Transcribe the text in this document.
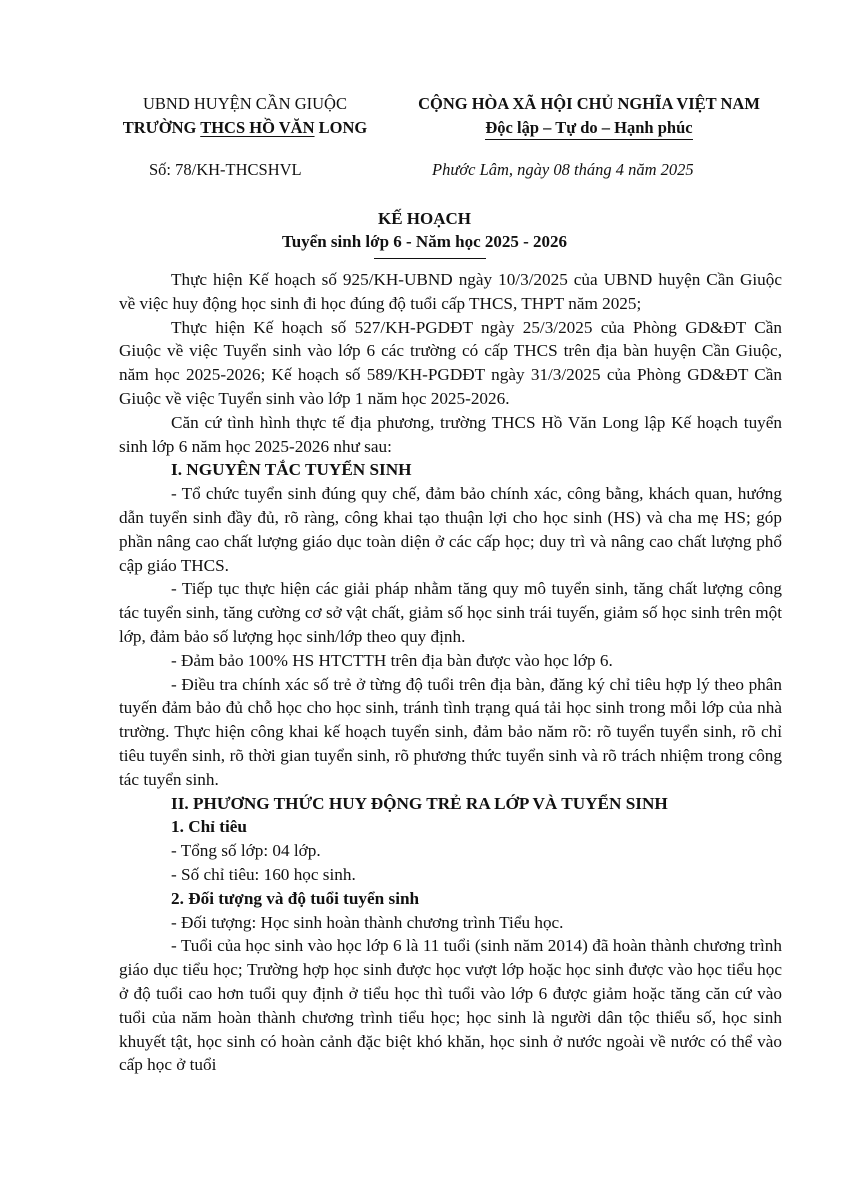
UBND HUYỆN CẦN GIUỘC
TRƯỜNG THCS HỒ VĂN LONG
CỘNG HÒA XÃ HỘI CHỦ NGHĨA VIỆT NAM
Độc lập – Tự do – Hạnh phúc
Số: 78/KH-THCSHVL	Phước Lâm, ngày 08 tháng 4 năm 2025
KẾ HOẠCH
Tuyển sinh lớp 6 - Năm học 2025 - 2026

Thực hiện Kế hoạch số 925/KH-UBND ngày 10/3/2025 của UBND huyện Cần Giuộc về việc huy động học sinh đi học đúng độ tuổi cấp THCS, THPT năm 2025;

Thực hiện Kế hoạch số 527/KH-PGDĐT ngày 25/3/2025 của Phòng GD&ĐT Cần Giuộc về việc Tuyển sinh vào lớp 6 các trường có cấp THCS trên địa bàn huyện Cần Giuộc, năm học 2025-2026; Kế hoạch số 589/KH-PGDĐT ngày 31/3/2025 của Phòng GD&ĐT Cần Giuộc về việc Tuyển sinh vào lớp 1 năm học 2025-2026.

Căn cứ tình hình thực tế địa phương, trường THCS Hồ Văn Long lập Kế hoạch tuyển sinh lớp 6 năm học 2025-2026 như sau:

I. NGUYÊN TẮC TUYỂN SINH

- Tổ chức tuyển sinh đúng quy chế, đảm bảo chính xác, công bằng, khách quan, hướng dẫn tuyển sinh đầy đủ, rõ ràng, công khai tạo thuận lợi cho học sinh (HS) và cha mẹ HS; góp phần nâng cao chất lượng giáo dục toàn diện ở các cấp học; duy trì và nâng cao chất lượng phổ cập giáo THCS.

- Tiếp tục thực hiện các giải pháp nhằm tăng quy mô tuyển sinh, tăng chất lượng công tác tuyển sinh, tăng cường cơ sở vật chất, giảm số học sinh trái tuyến, giảm số học sinh trên một lớp, đảm bảo số lượng học sinh/lớp theo quy định.

- Đảm bảo 100% HS HTCTTH trên địa bàn được vào học lớp 6.

- Điều tra chính xác số trẻ ở từng độ tuổi trên địa bàn, đăng ký chỉ tiêu hợp lý theo phân tuyến đảm bảo đủ chỗ học cho học sinh, tránh tình trạng quá tải học sinh trong mỗi lớp của nhà trường. Thực hiện công khai kế hoạch tuyển sinh, đảm bảo năm rõ: rõ tuyển tuyển sinh, rõ chỉ tiêu tuyển sinh, rõ thời gian tuyển sinh, rõ phương thức tuyển sinh và rõ trách nhiệm trong công tác tuyển sinh.

II. PHƯƠNG THỨC HUY ĐỘNG TRẺ RA LỚP VÀ TUYỂN SINH

1. Chỉ tiêu

- Tổng số lớp: 04 lớp.

- Số chỉ tiêu: 160 học sinh.

2. Đối tượng và độ tuổi tuyển sinh

- Đối tượng: Học sinh hoàn thành chương trình Tiểu học.

- Tuổi của học sinh vào học lớp 6 là 11 tuổi (sinh năm 2014) đã hoàn thành chương trình giáo dục tiểu học; Trường hợp học sinh được học vượt lớp hoặc học sinh được vào học tiểu học ở độ tuổi cao hơn tuổi quy định ở tiểu học thì tuổi vào lớp 6 được giảm hoặc tăng căn cứ vào tuổi của năm hoàn thành chương trình tiểu học; học sinh là người dân tộc thiểu số, học sinh khuyết tật, học sinh có hoàn cảnh đặc biệt khó khăn, học sinh ở nước ngoài về nước có thể vào cấp học ở tuổi
